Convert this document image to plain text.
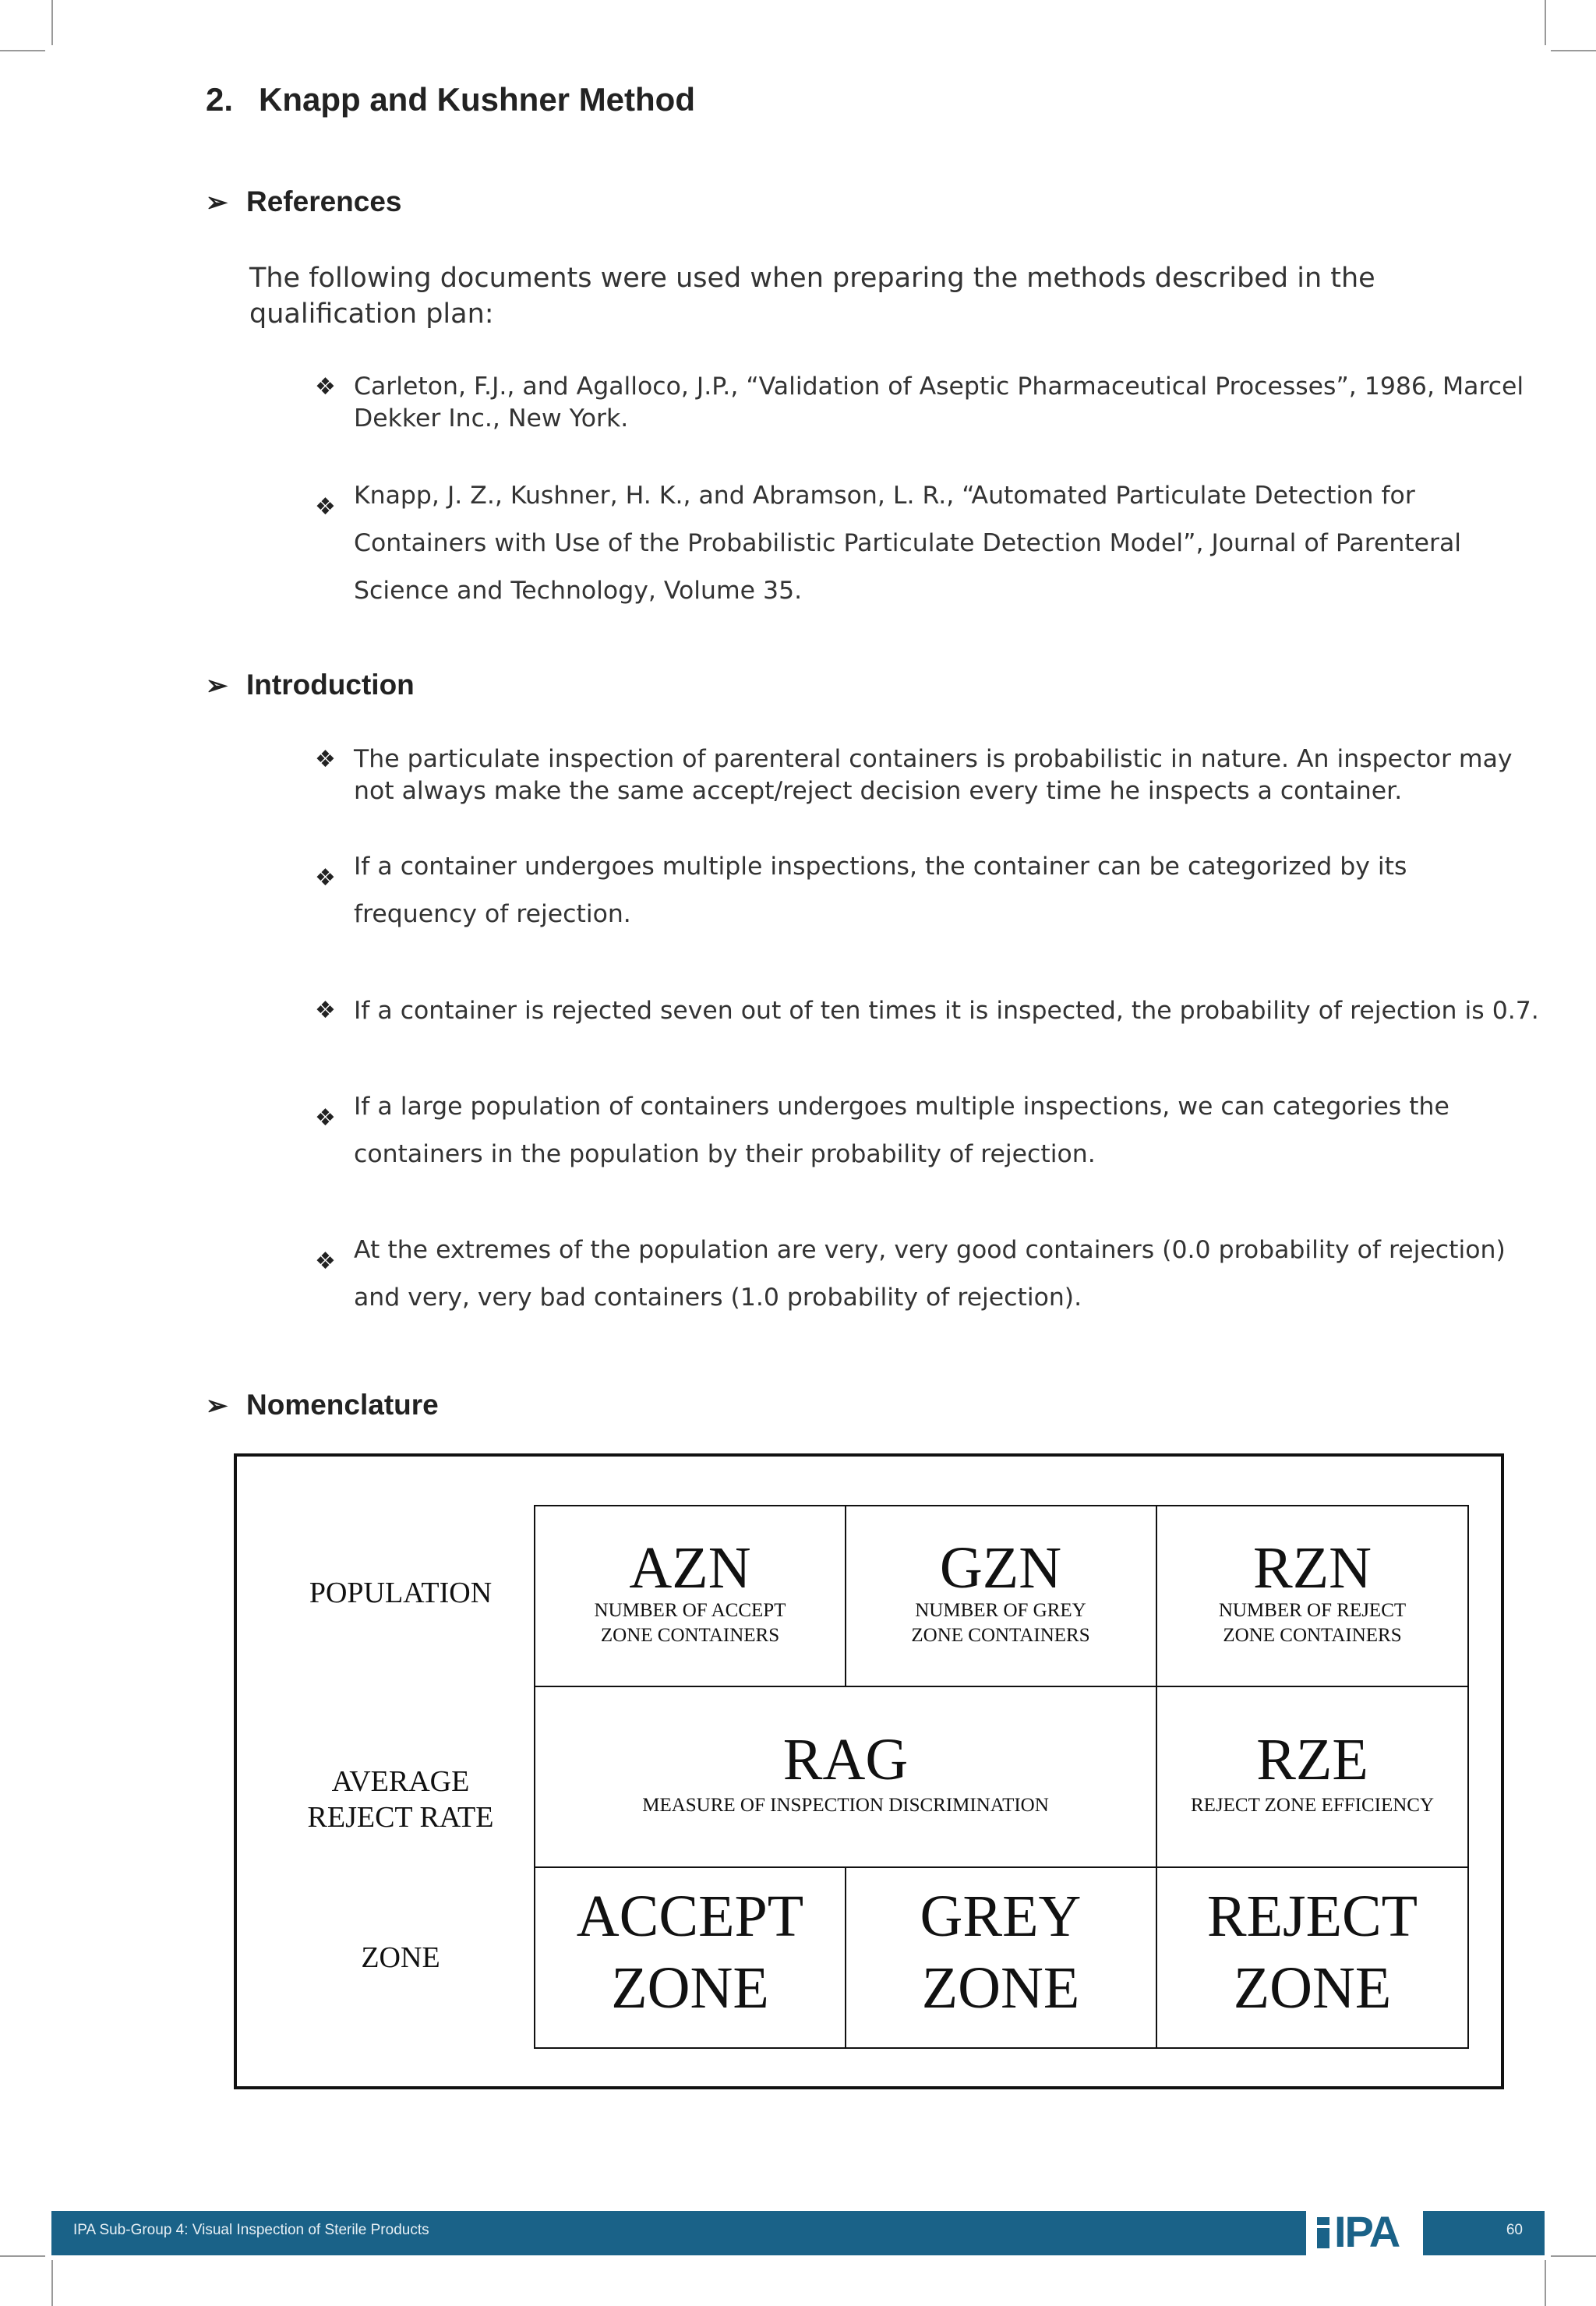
2. Knapp and Kushner Method
➢ References
The following documents were used when preparing the methods described in the qualification plan:
❖ Carleton, F.J., and Agalloco, J.P., “Validation of Aseptic Pharmaceutical Processes”, 1986, Marcel Dekker Inc., New York.
❖ Knapp, J. Z., Kushner, H. K., and Abramson, L. R., “Automated Particulate Detection for Containers with Use of the Probabilistic Particulate Detection Model”, Journal of Parenteral Science and Technology, Volume 35.
➢ Introduction
❖ The particulate inspection of parenteral containers is probabilistic in nature. An inspector may not always make the same accept/reject decision every time he inspects a container.
❖ If a container undergoes multiple inspections, the container can be categorized by its frequency of rejection.
❖ If a container is rejected seven out of ten times it is inspected, the probability of rejection is 0.7.
❖ If a large population of containers undergoes multiple inspections, we can categories the containers in the population by their probability of rejection.
❖ At the extremes of the population are very, very good containers (0.0 probability of rejection) and very, very bad containers (1.0 probability of rejection).
➢ Nomenclature
POPULATION
AVERAGE
REJECT RATE
ZONE
AZN
NUMBER OF ACCEPT
ZONE CONTAINERS
GZN
NUMBER OF GREY
ZONE CONTAINERS
RZN
NUMBER OF REJECT
ZONE CONTAINERS
RAG
MEASURE OF INSPECTION DISCRIMINATION
RZE
REJECT ZONE EFFICIENCY
ACCEPT
ZONE
GREY
ZONE
REJECT
ZONE
IPA Sub-Group 4: Visual Inspection of Sterile Products	IPA	60
